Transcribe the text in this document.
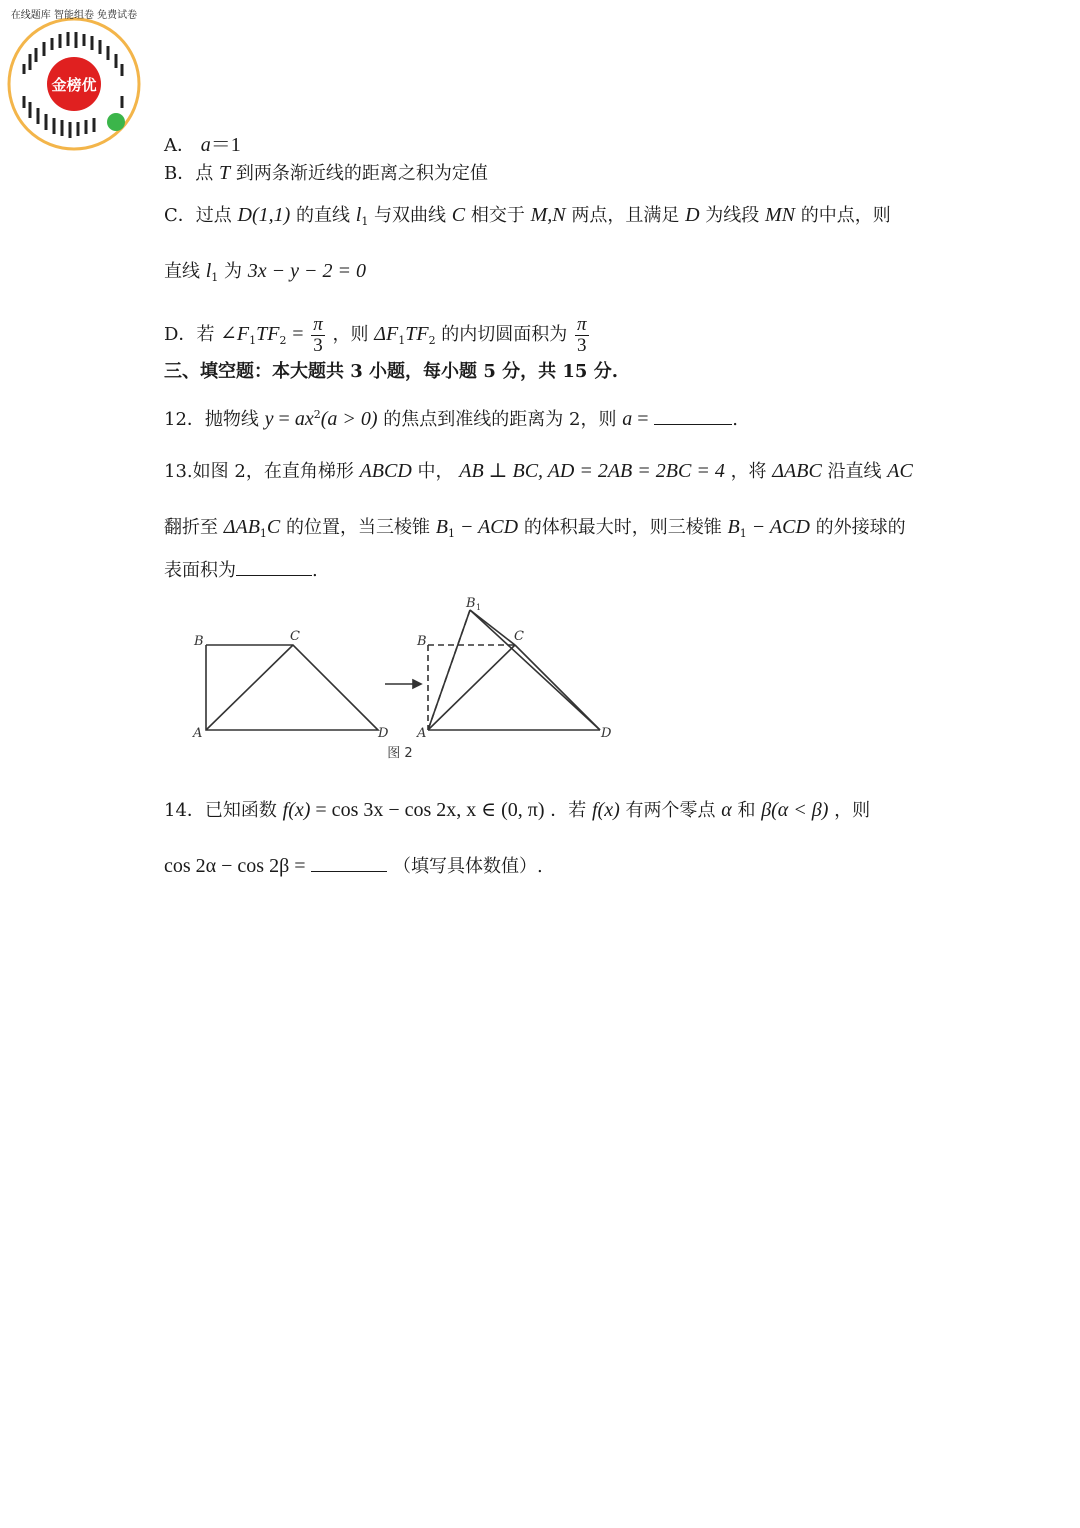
金榜优
在线题库 智能组卷 免费试卷
A． a＝1
B．点 T 到两条渐近线的距离之积为定值
C．过点 D(1,1) 的直线 $l_1$ 与双曲线 C 相交于 M,N 两点，且满足 D 为线段 MN 的中点，则
直线 $l_1$ 为 3x − y − 2 = 0
D．若 $\angle F_1TF_2 = \frac{\pi}{3}$ ，则 $\Delta F_1TF_2$ 的内切圆面积为 $\frac{\pi}{3}$
三、填空题：本大题共 3 小题，每小题 5 分，共 15 分.
12．抛物线 $y = ax^2(a > 0)$ 的焦点到准线的距离为 2，则 a =	.
13.如图 2，在直角梯形 ABCD 中， AB ⊥ BC, AD = 2AB = 2BC = 4 ，将 ΔABC 沿直线 AC
翻折至 $\Delta AB_1C$ 的位置，当三棱锥 $B_1$ − ACD 的体积最大时，则三棱锥 $B_1$ − ACD 的外接球的
表面积为	.
B	C
A	D
B
B 1
C
A	D
图 2
14．已知函数 f(x) = cos 3x − cos 2x, x ∈ (0, π) ．若 f(x) 有两个零点 α 和 β(α < β) ，则
cos 2α − cos 2β =	（填写具体数值）.
